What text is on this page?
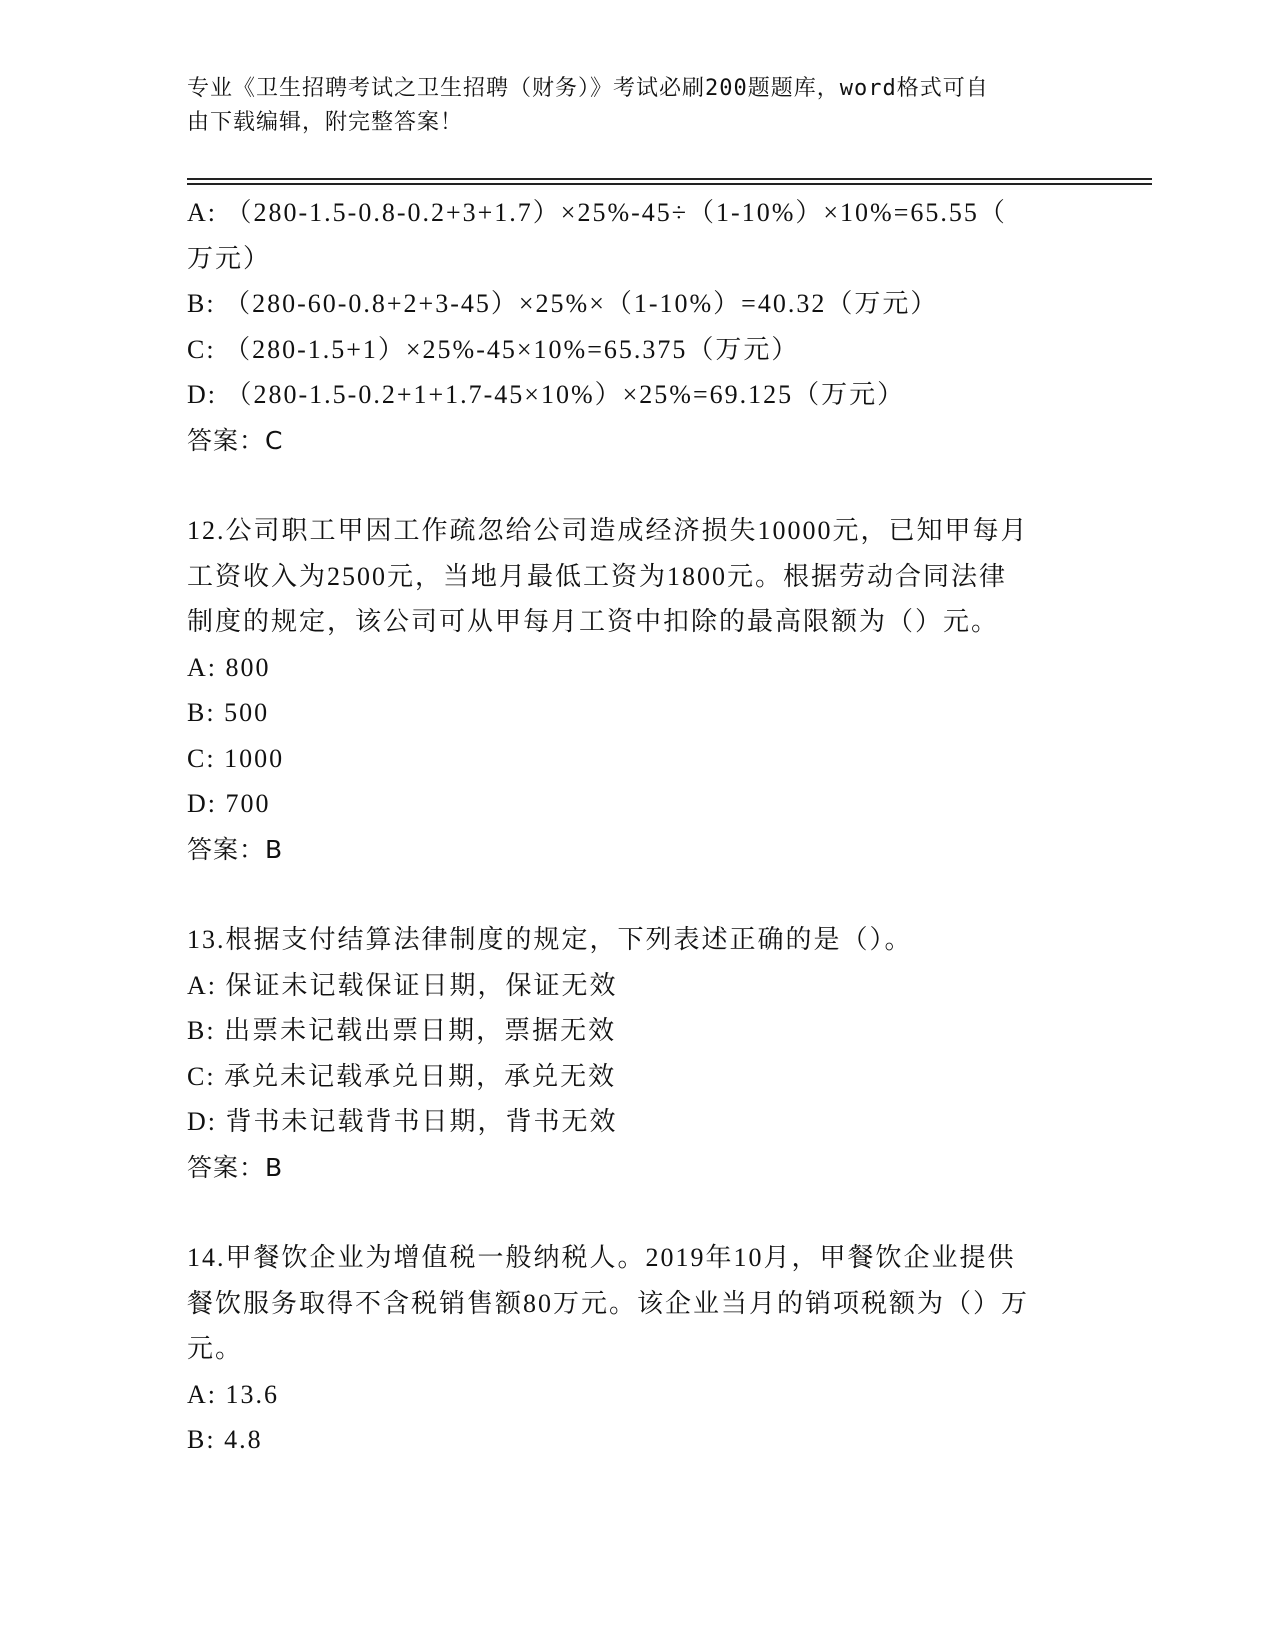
专业《卫生招聘考试之卫生招聘（财务）》考试必刷200题题库，word格式可自
由下载编辑，附完整答案！
A: （280-1.5-0.8-0.2+3+1.7）×25%-45÷（1-10%）×10%=65.55（
万元）
B: （280-60-0.8+2+3-45）×25%×（1-10%）=40.32（万元）
C: （280-1.5+1）×25%-45×10%=65.375（万元）
D: （280-1.5-0.2+1+1.7-45×10%）×25%=69.125（万元）
答案：C
12.公司职工甲因工作疏忽给公司造成经济损失10000元，已知甲每月
工资收入为2500元，当地月最低工资为1800元。根据劳动合同法律
制度的规定，该公司可从甲每月工资中扣除的最高限额为（）元。
A: 800
B: 500
C: 1000
D: 700
答案：B
13.根据支付结算法律制度的规定，下列表述正确的是（）。
A: 保证未记载保证日期，保证无效
B: 出票未记载出票日期，票据无效
C: 承兑未记载承兑日期，承兑无效
D: 背书未记载背书日期，背书无效
答案：B
14.甲餐饮企业为增值税一般纳税人。2019年10月，甲餐饮企业提供
餐饮服务取得不含税销售额80万元。该企业当月的销项税额为（）万
元。
A: 13.6
B: 4.8
